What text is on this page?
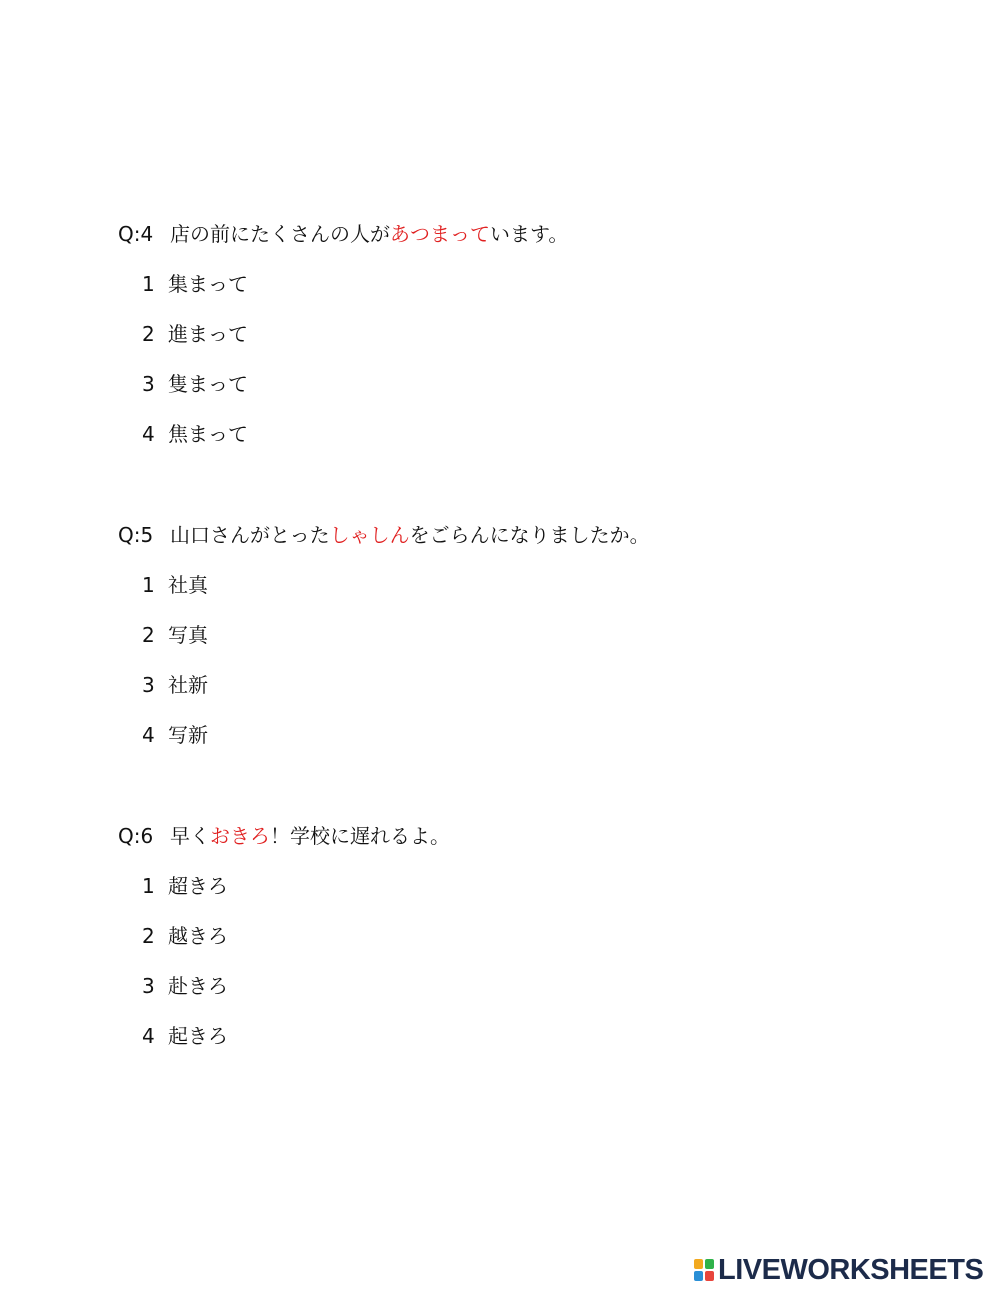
Q:4 店の前にたくさんの人があつまっています。
1 集まって
2 進まって
3 隻まって
4 焦まって
Q:5 山口さんがとったしゃしんをごらんになりましたか。
1 社真
2 写真
3 社新
4 写新
Q:6 早くおきろ！学校に遅れるよ。
1 超きろ
2 越きろ
3 赴きろ
4 起きろ
LIVEWORKSHEETS
